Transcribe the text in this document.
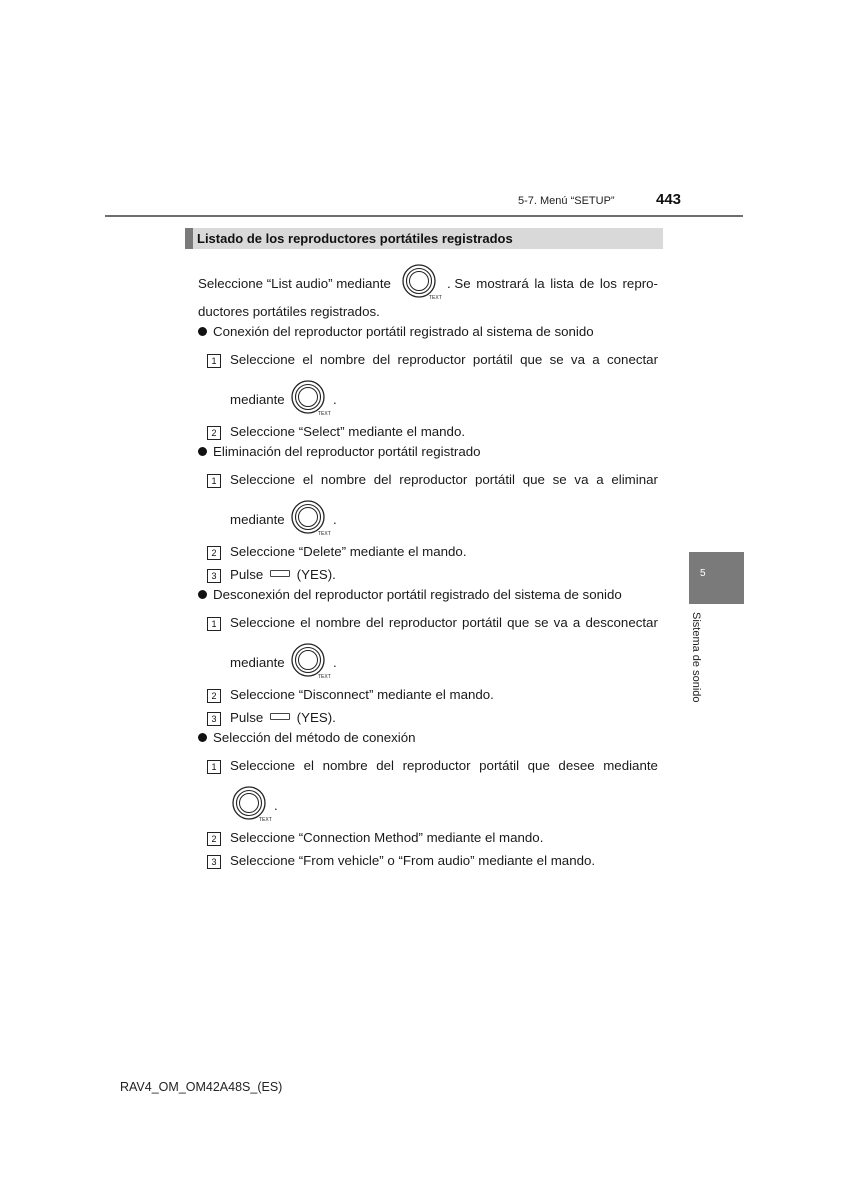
5-7. Menú “SETUP”	443
Listado de los reproductores portátiles registrados
Seleccione “List audio” mediante
TEXT
. Se mostrará la lista de los repro-
ductores portátiles registrados.
Conexión del reproductor portátil registrado al sistema de sonido
1	Seleccione el nombre del reproductor portátil que se va a conectar
mediante
TEXT
.
2	Seleccione “Select” mediante el mando.
Eliminación del reproductor portátil registrado
1	Seleccione el nombre del reproductor portátil que se va a eliminar
mediante
TEXT
.
2	Seleccione “Delete” mediante el mando.
3	Pulse	(YES).
Desconexión del reproductor portátil registrado del sistema de sonido
1	Seleccione el nombre del reproductor portátil que se va a desconectar
mediante
TEXT
.
2	Seleccione “Disconnect” mediante el mando.
3	Pulse	(YES).
Selección del método de conexión
1	Seleccione el nombre del reproductor portátil que desee mediante
TEXT
.
2	Seleccione “Connection Method” mediante el mando.
3	Seleccione “From vehicle” o “From audio” mediante el mando.
5
Sistema de sonido
RAV4_OM_OM42A48S_(ES)
